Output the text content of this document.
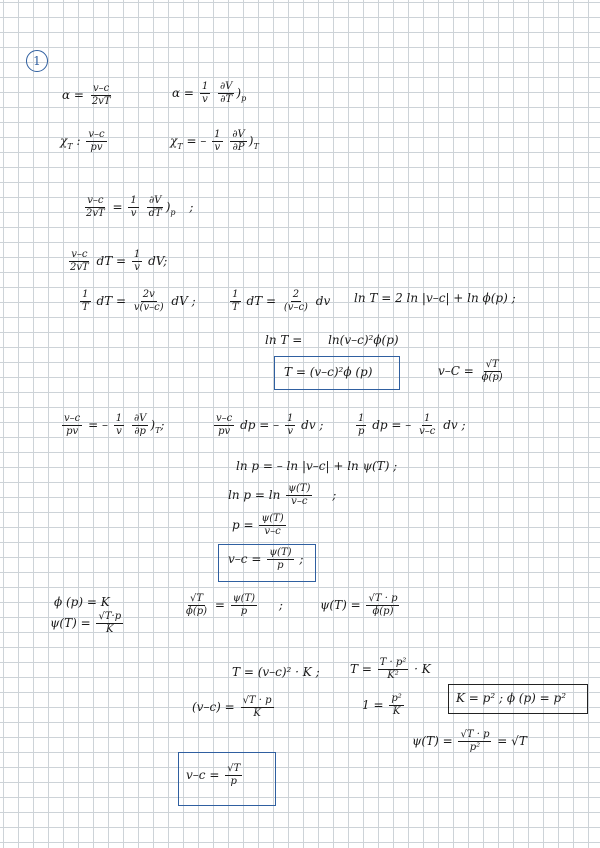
1
$\alpha = \frac{v-c}{2vT}$	$\alpha = \frac{1}{v}$
$\frac{\partial V}{\partial T} )_p$
$\chi_T$ : $\frac{v-c}{pv}$	$\chi_T$ = – $\frac{1}{v}$
$\frac{\partial V}{\partial P} )_T$
$\frac{v-c}{2vT} = \frac{1}{v}$
$\frac{\partial V}{dT} )_p$ ;
$\frac{v-c}{2vT}$ dT = $\frac{1}{v}$ dV;
$\frac{1}{T}$ dT = $\frac{2v}{v(v-c)}$ dV ;	$\frac{1}{T}$ dT = $\frac{2}{(v-c)}$ dv ln T = 2 ln |v–c| + ln ϕ(p) ;
ln T = ln(v–c)²ϕ(p)
T = (v–c)²ϕ (p)	$v-C = \frac{√T}{\phi(p)}$
$\frac{v-c}{pv}$ = – $\frac{1}{v}$
$\frac{\partial V}{\partial p} )_T$;	$\frac{v-c}{pv}$ dp = – $\frac{1}{v}$ dv ;	$\frac{1}{p}$ dp = – $\frac{1}{v-c}$ dv ;
ln p = – ln |v–c| + ln ψ(T) ;
$\ln p = \ln \frac{\psi(T)}{v-c}$ ;
$p = \frac{\psi(T)}{v-c}$
$v-c = \frac{\psi(T)}{p}$ ;
ϕ (p) = K
$\psi(T) = \frac{√T\cdot p}{K}$
$\frac{√T}{\phi(p)} = \frac{\psi(T)}{p}$ ;	$\psi(T) = \frac{√T \cdot p}{\phi(p)}$
T = (v–c)² · K ;	$T = \frac{\text{T · p²}}{\text{K²}} \cdot K$
$(v-c) = \frac{√T \cdot p}{K}$	$1 = \frac{\text{p²}}{K}$	K = p² ; ϕ (p) = p²
$\psi(T) = \frac{√T \cdot p}{\text{p²}} = √T$
$v-c = \frac{√T}{p}$
